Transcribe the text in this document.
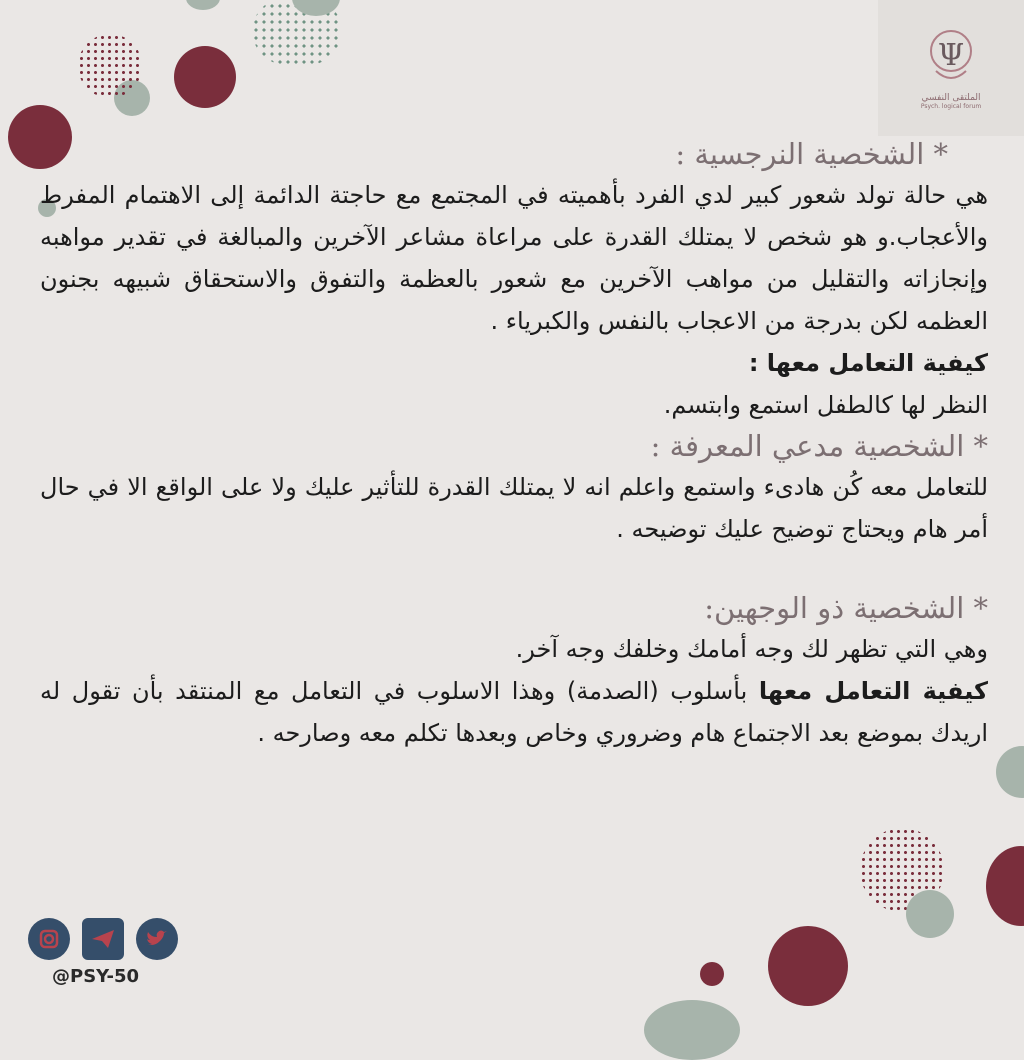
Ψ
الملتقى النفسي
Psych. logical forum

* الشخصية النرجسية :

هي حالة تولد شعور كبير لدي الفرد بأهميته في المجتمع مع حاجتة الدائمة إلى الاهتمام المفرط والأعجاب.و هو شخص لا يمتلك القدرة على مراعاة مشاعر الآخرين والمبالغة في تقدير مواهبه وإنجازاته والتقليل من مواهب الآخرين مع شعور بالعظمة والتفوق والاستحقاق شبيهه بجنون العظمه لكن بدرجة من الاعجاب بالنفس والكبرياء .

كيفية التعامل معها :

النظر لها كالطفل استمع وابتسم.

* الشخصية مدعي المعرفة :

للتعامل معه كُن هادىء واستمع واعلم انه لا يمتلك القدرة للتأثير عليك ولا على الواقع الا في حال أمر هام ويحتاج توضيح عليك توضيحه .

* الشخصية ذو الوجهين:

وهي التي تظهر لك وجه أمامك وخلفك وجه آخر.

كيفية التعامل معها بأسلوب (الصدمة) وهذا الاسلوب في التعامل مع المنتقد بأن تقول له اريدك بموضع بعد الاجتماع هام وضروري وخاص وبعدها تكلم معه وصارحه .

@PSY-50
